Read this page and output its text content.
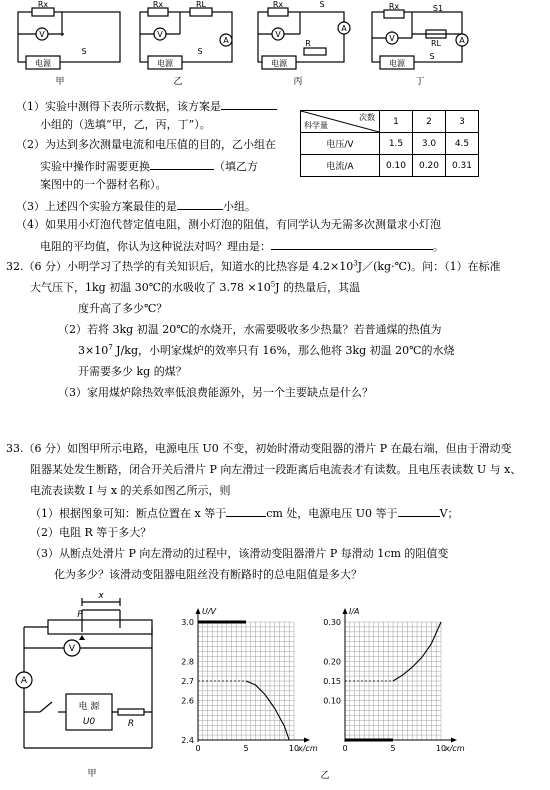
Rx
V
电源
S
甲
Rx	RL
V
A
电源
S
乙
Rx	S
V
A
R
电源
丙
Rx	S1
RL
V	A
电源
S
丁
（1）实验中测得下表所示数据，该方案是
小组的（选填“甲，乙，丙，丁”）。
（2）为达到多次测量电流和电压值的目的，乙小组在
实验中操作时需要更换	（填乙方
案图中的一个器材名称）。
（3）上述四个实验方案最佳的是	小组。
（4）如果用小灯泡代替定值电阻，测小灯泡的阻值，有同学认为无需多次测量求小灯泡
电阻的平均值，你认为这种说法对吗？理由是：	。
次数
科学量	1	2	3
电压/V	1.5	3.0	4.5
电流/A	0.10	0.20	0.31
32.（6 分）小明学习了热学的有关知识后，知道水的比热容是 $4.2\times 10^3J/(kg\cdot℃)$。问：（1）在标准
大气压下，1kg 初温 30℃的水吸收了 $3.78 \times 10^5J$ 的热量后，其温
度升高了多少℃？
（2）若将 3kg 初温 20℃的水烧开，水需要吸收多少热量？若普通煤的热值为
$3\times 10^7$ J/kg，小明家煤炉的效率只有 16%，那么他将 3kg 初温 20℃的水烧
开需要多少 kg 的煤？
（3）家用煤炉除热效率低浪费能源外，另一个主要缺点是什么？
33.（6 分）如图甲所示电路，电源电压 U0 不变，初始时滑动变阻器的滑片 P 在最右端，但由于滑动变
阻器某处发生断路，闭合开关后滑片 P 向左滑过一段距离后电流表才有读数。且电压表读数 U 与 x、
电流表读数 I 与 x 的关系如图乙所示，则
（1）根据图象可知：断点位置在 x 等于	cm 处，电源电压 U0 等于	V；
（2）电阻 R 等于多大？
（3）从断点处滑片 P 向左滑动的过程中，该滑动变阻器滑片 P 每滑动 1cm 的阻值变
化为多少？该滑动变阻器电阻丝没有断路时的总电阻值是多大？
x
P
V
A
电 源
U0	R
甲
U/V
x/cm
0	5	10
3.0
2.8
2.7
2.6
2.4
I/A
x/cm
0	5	10
0.30
0.20
0.15
0.10
乙
